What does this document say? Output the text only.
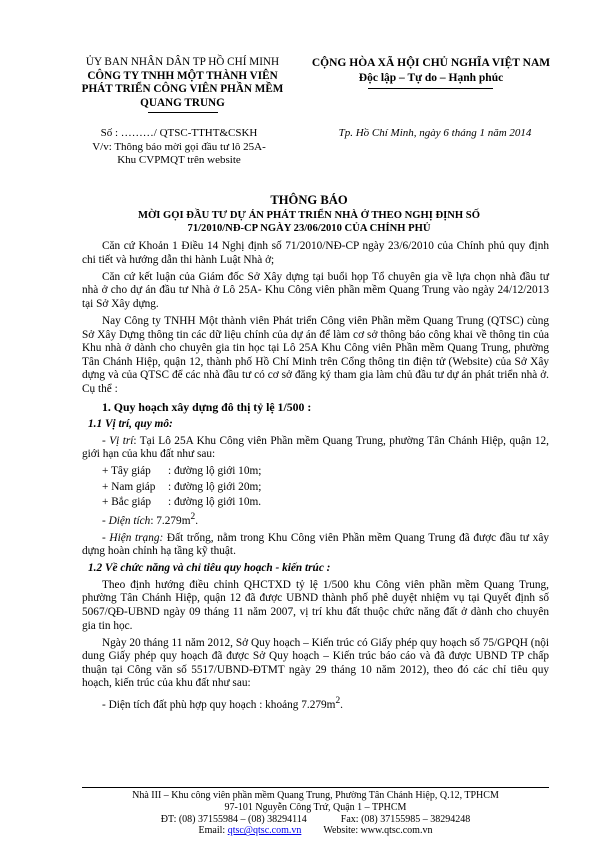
ỦY BAN NHÂN DÂN TP HỒ CHÍ MINH
CÔNG TY TNHH MỘT THÀNH VIÊN
PHÁT TRIỂN CÔNG VIÊN PHẦN MỀM
QUANG TRUNG
CỘNG HÒA XÃ HỘI CHỦ NGHĨA VIỆT NAM
Độc lập – Tự do – Hạnh phúc
Số : ………/ QTSC-TTHT&CSKH
V/v: Thông báo mời gọi đầu tư lô 25A-
Khu CVPMQT trên website
Tp. Hồ Chí Minh, ngày 6 tháng 1 năm 2014
THÔNG BÁO
MỜI GỌI ĐẦU TƯ DỰ ÁN PHÁT TRIỂN NHÀ Ở THEO NGHỊ ĐỊNH SỐ
71/2010/NĐ-CP NGÀY 23/06/2010 CỦA CHÍNH PHỦ

Căn cứ Khoản 1 Điều 14 Nghị định số 71/2010/NĐ-CP ngày 23/6/2010 của Chính phủ quy định chi tiết và hướng dẫn thi hành Luật Nhà ở;

Căn cứ kết luận của Giám đốc Sở Xây dựng tại buổi họp Tổ chuyên gia về lựa chọn nhà đầu tư nhà ở cho dự án đầu tư Nhà ở Lô 25A- Khu Công viên phần mềm Quang Trung vào ngày 24/12/2013 tại Sở Xây dựng.

Nay Công ty TNHH Một thành viên Phát triển Công viên Phần mềm Quang Trung (QTSC) cùng Sở Xây Dựng thông tin các dữ liệu chính của dự án để làm cơ sở thông báo công khai về thông tin của Khu nhà ở dành cho chuyên gia tin học tại Lô 25A Khu Công viên Phần mềm Quang Trung, phường Tân Chánh Hiệp, quận 12, thành phố Hồ Chí Minh trên Cổng thông tin điện tử (Website) của Sở Xây dựng và của QTSC để các nhà đầu tư có cơ sở đăng ký tham gia làm chủ đầu tư dự án phát triển nhà ở. Cụ thể :

1. Quy hoạch xây dựng đô thị tỷ lệ 1/500 :

1.1 Vị trí, quy mô:

- Vị trí: Tại Lô 25A Khu Công viên Phần mềm Quang Trung, phường Tân Chánh Hiệp, quận 12, giới hạn của khu đất như sau:

+ Tây giáp : đường lộ giới 10m;

+ Nam giáp : đường lộ giới 20m;

+ Bắc giáp : đường lộ giới 10m.

- Diện tích: $7.279m^2$.

- Hiện trạng: Đất trống, nằm trong Khu Công viên Phần mềm Quang Trung đã được đầu tư xây dựng hoàn chỉnh hạ tầng kỹ thuật.

1.2 Về chức năng và chỉ tiêu quy hoạch - kiến trúc :

Theo định hướng điều chỉnh QHCTXD tỷ lệ 1/500 khu Công viên phần mềm Quang Trung, phường Tân Chánh Hiệp, quận 12 đã được UBND thành phố phê duyệt nhiệm vụ tại Quyết định số 5067/QĐ-UBND ngày 09 tháng 11 năm 2007, vị trí khu đất thuộc chức năng đất ở dành cho chuyên gia tin học.

Ngày 20 tháng 11 năm 2012, Sở Quy hoạch – Kiến trúc có Giấy phép quy hoạch số 75/GPQH (nội dung Giấy phép quy hoạch đã được Sở Quy hoạch – Kiến trúc báo cáo và đã được UBND TP chấp thuận tại Công văn số 5517/UBND-ĐTMT ngày 29 tháng 10 năm 2012), theo đó các chỉ tiêu quy hoạch, kiến trúc của khu đất như sau:

- Diện tích đất phù hợp quy hoạch : khoảng $7.279m^2$.

Nhà III – Khu công viên phần mềm Quang Trung, Phường Tân Chánh Hiệp, Q.12, TPHCM
97-101 Nguyễn Công Trứ, Quận 1 – TPHCM
ĐT: (08) 37155984 – (08) 38294114	Fax: (08) 37155985 – 38294248
Email: qtsc@qtsc.com.vn Website: www.qtsc.com.vn
